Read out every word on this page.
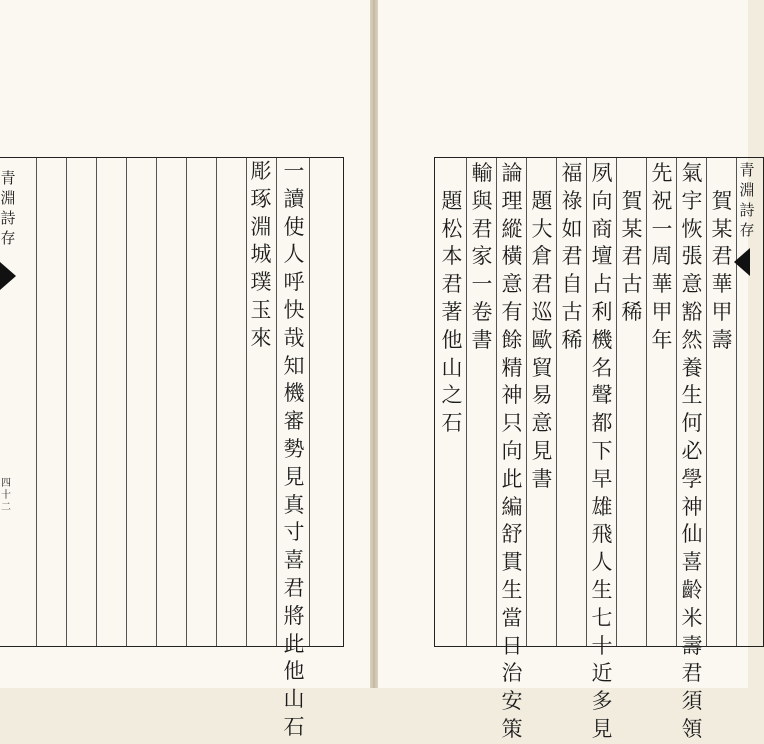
彫
琢
淵
城
璞
玉
來
一
讀
使
人
呼
快
哉
知
機
審
勢
見
真
寸
喜
君
將
此
他
山
石
青
淵
詩
存
四
十
二

題
松
本
君
著
他
山
之
石
輸
與
君
家
一
卷
書
論
理
縱
橫
意
有
餘
精
神
只
向
此
編
舒
貫
生
當
日
治
安
策

題
大
倉
君
巡
歐
貿
易
意
見
書
福
祿
如
君
自
古
稀
夙
向
商
壇
占
利
機
名
聲
都
下
早
雄
飛
人
生
七
十
近
多
見

賀
某
君
古
稀
先
祝
一
周
華
甲
年
氣
宇
恢
張
意
豁
然
養
生
何
必
學
神
仙
喜
齡
米
壽
君
須
領

賀
某
君
華
甲
壽
青
淵
詩
存
